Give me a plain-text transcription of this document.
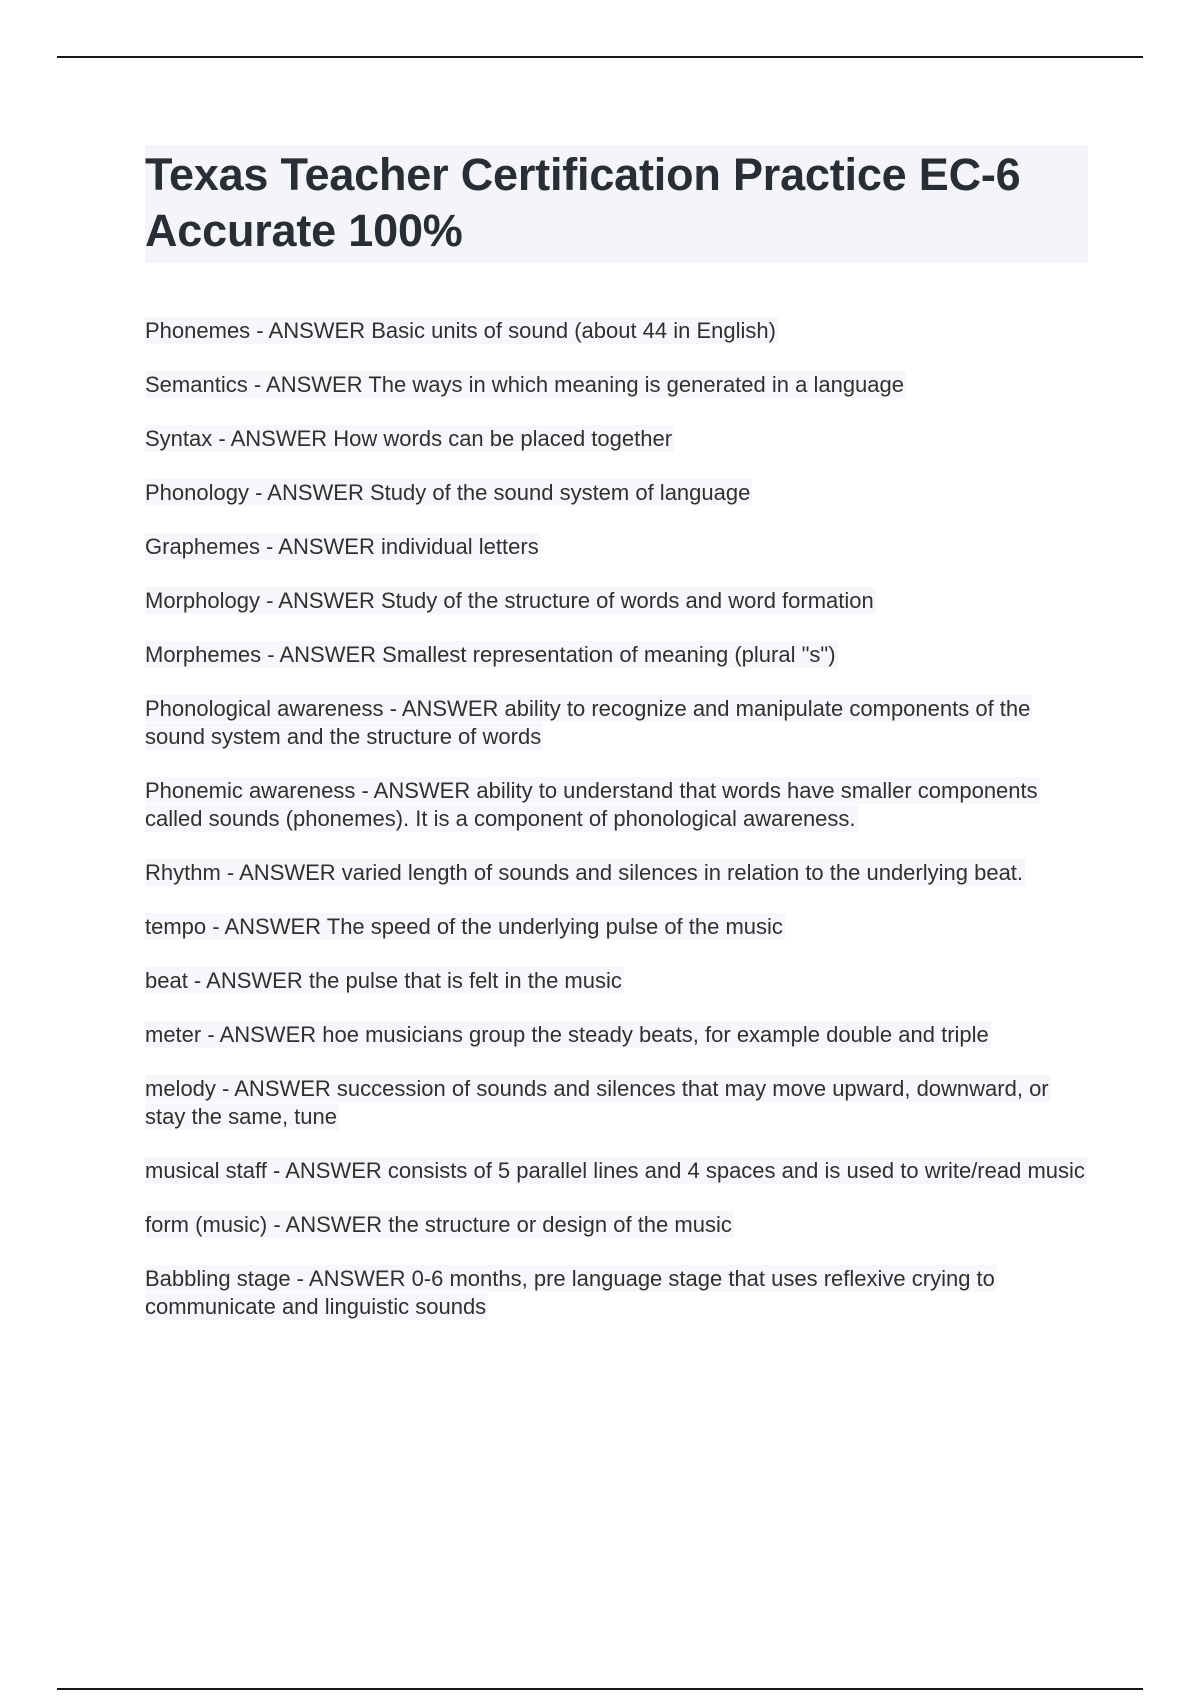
Texas Teacher Certification Practice EC-6 Accurate 100%
Phonemes - ANSWER Basic units of sound (about 44 in English)
Semantics - ANSWER The ways in which meaning is generated in a language
Syntax - ANSWER How words can be placed together
Phonology - ANSWER Study of the sound system of language
Graphemes - ANSWER individual letters
Morphology - ANSWER Study of the structure of words and word formation
Morphemes - ANSWER Smallest representation of meaning (plural "s")
Phonological awareness - ANSWER ability to recognize and manipulate components of the sound system and the structure of words
Phonemic awareness - ANSWER ability to understand that words have smaller components called sounds (phonemes). It is a component of phonological awareness.
Rhythm - ANSWER varied length of sounds and silences in relation to the underlying beat.
tempo - ANSWER The speed of the underlying pulse of the music
beat - ANSWER the pulse that is felt in the music
meter - ANSWER hoe musicians group the steady beats, for example double and triple
melody - ANSWER succession of sounds and silences that may move upward, downward, or stay the same, tune
musical staff - ANSWER consists of 5 parallel lines and 4 spaces and is used to write/read music
form (music) - ANSWER the structure or design of the music
Babbling stage - ANSWER 0-6 months, pre language stage that uses reflexive crying to communicate and linguistic sounds
